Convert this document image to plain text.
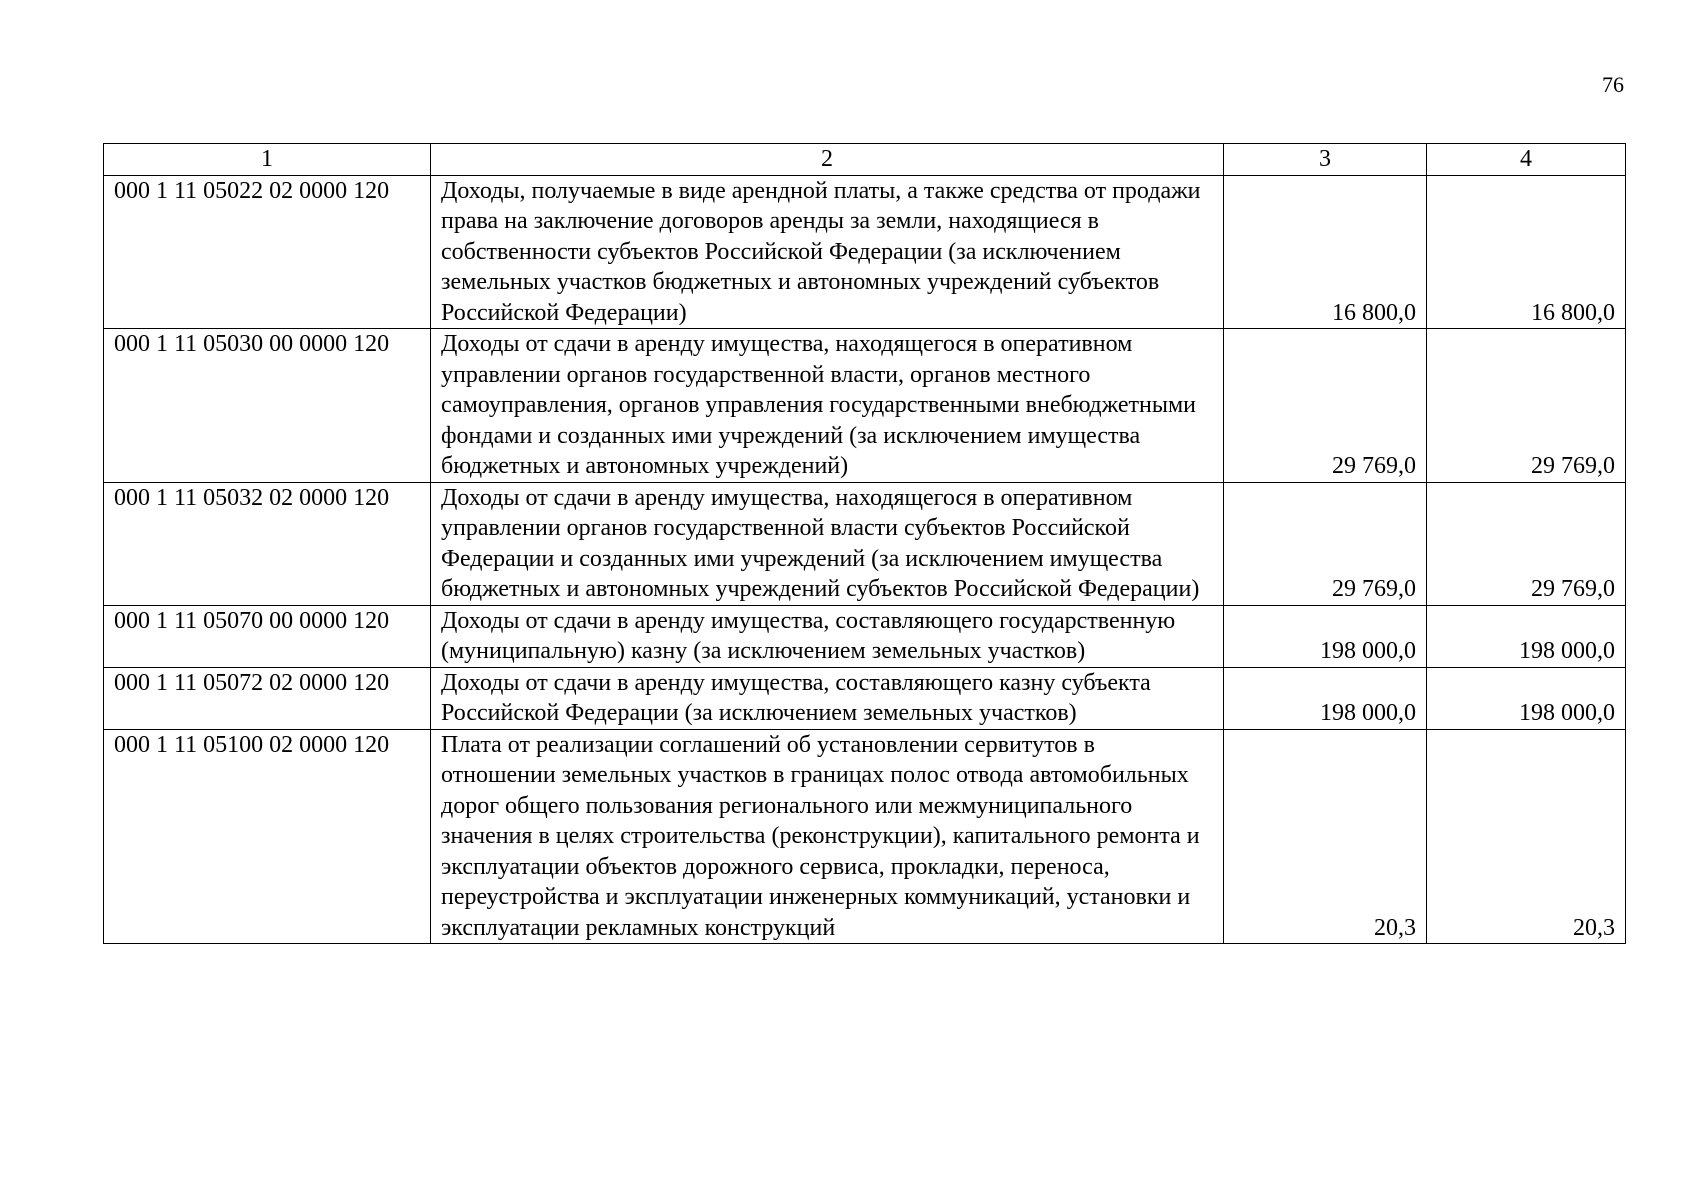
76
1	2	3	4
000 1 11 05022 02 0000 120	Доходы, получаемые в виде арендной платы, а также средства от продажи права на заключение договоров аренды за земли, находящиеся в собственности субъектов Российской Федерации (за исключением земельных участков бюджетных и автономных учреждений субъектов Российской Федерации)	16 800,0	16 800,0
000 1 11 05030 00 0000 120	Доходы от сдачи в аренду имущества, находящегося в оперативном управлении органов государственной власти, органов местного самоуправления, органов управления государственными внебюджетными фондами и созданных ими учреждений (за исключением имущества бюджетных и автономных учреждений)	29 769,0	29 769,0
000 1 11 05032 02 0000 120	Доходы от сдачи в аренду имущества, находящегося в оперативном управлении органов государственной власти субъектов Российской Федерации и созданных ими учреждений (за исключением имущества бюджетных и автономных учреждений субъектов Российской Федерации)	29 769,0	29 769,0
000 1 11 05070 00 0000 120	Доходы от сдачи в аренду имущества, составляющего государственную (муниципальную) казну (за исключением земельных участков)	198 000,0	198 000,0
000 1 11 05072 02 0000 120	Доходы от сдачи в аренду имущества, составляющего казну субъекта Российской Федерации (за исключением земельных участков)	198 000,0	198 000,0
000 1 11 05100 02 0000 120	Плата от реализации соглашений об установлении сервитутов в отношении земельных участков в границах полос отвода автомобильных дорог общего пользования регионального или межмуниципального значения в целях строительства (реконструкции), капитального ремонта и эксплуатации объектов дорожного сервиса, прокладки, переноса, переустройства и эксплуатации инженерных коммуникаций, установки и эксплуатации рекламных конструкций	20,3	20,3
